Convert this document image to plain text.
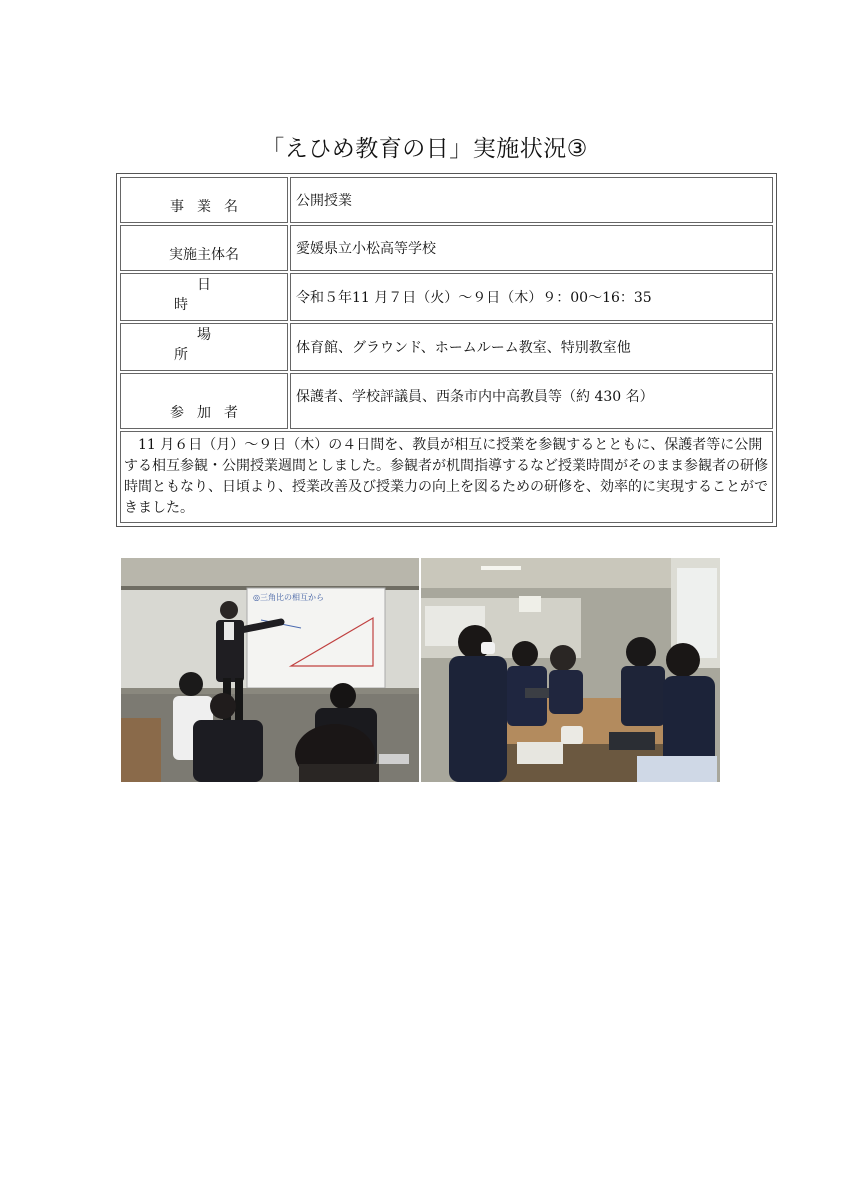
「えひめ教育の日」実施状況③
事業名	公開授業
実施主体名	愛媛県立小松高等学校
日時	令和５年11 月７日（火）～９日（木）９：00～16：35
場所	体育館、グラウンド、ホームルーム教室、特別教室他
参加者	保護者、学校評議員、西条市内中高教員等（約 430 名）
11 月６日（月）～９日（木）の４日間を、教員が相互に授業を参観するとともに、保護者等に公開する相互参観・公開授業週間としました。参観者が机間指導するなど授業時間がそのまま参観者の研修時間ともなり、日頃より、授業改善及び授業力の向上を図るための研修を、効率的に実現することができました。	
◎三角比の相互から
